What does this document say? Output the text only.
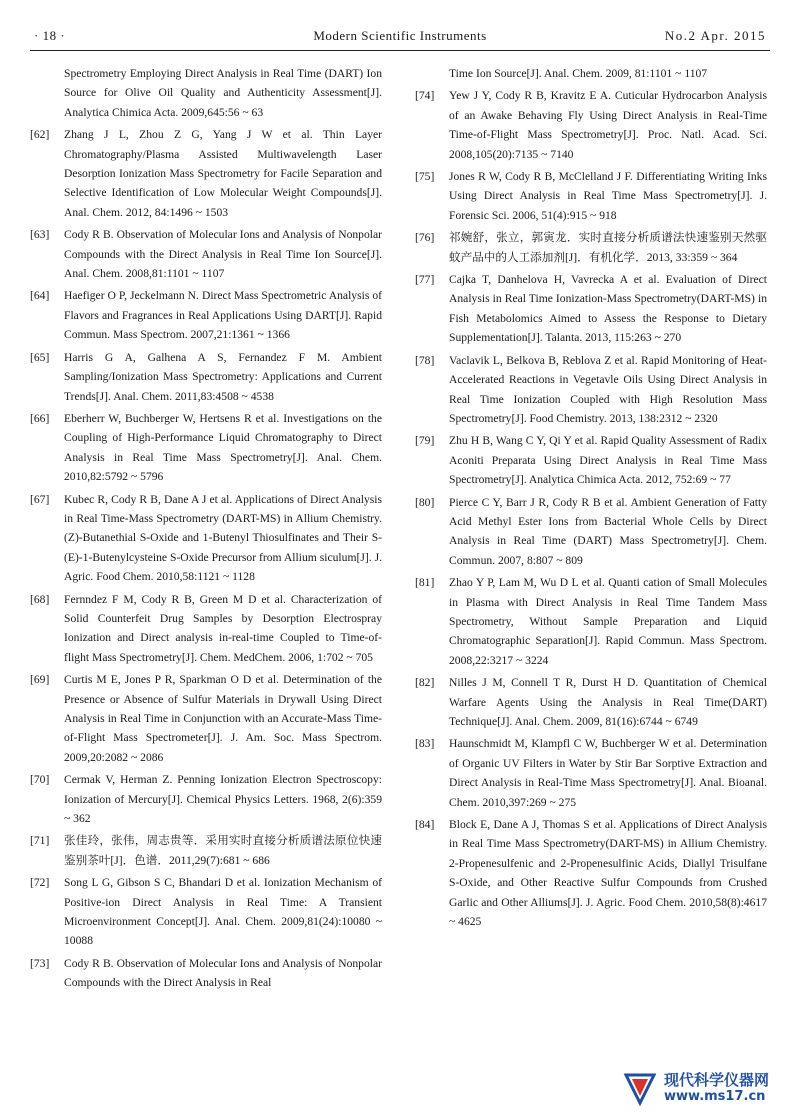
· 18 ·	Modern Scientific Instruments	No.2 Apr. 2015
Spectrometry Employing Direct Analysis in Real Time (DART) Ion Source for Olive Oil Quality and Authenticity Assessment[J]. Analytica Chimica Acta. 2009,645:56 ~ 63
[62] Zhang J L, Zhou Z G, Yang J W et al. Thin Layer Chromatography/Plasma Assisted Multiwavelength Laser Desorption Ionization Mass Spectrometry for Facile Separation and Selective Identification of Low Molecular Weight Compounds[J]. Anal. Chem. 2012, 84:1496 ~ 1503
[63] Cody R B. Observation of Molecular Ions and Analysis of Nonpolar Compounds with the Direct Analysis in Real Time Ion Source[J]. Anal. Chem. 2008,81:1101 ~ 1107
[64] Haefiger O P, Jeckelmann N. Direct Mass Spectrometric Analysis of Flavors and Fragrances in Real Applications Using DART[J]. Rapid Commun. Mass Spectrom. 2007,21:1361 ~ 1366
[65] Harris G A, Galhena A S, Fernandez F M. Ambient Sampling/Ionization Mass Spectrometry: Applications and Current Trends[J]. Anal. Chem. 2011,83:4508 ~ 4538
[66] Eberherr W, Buchberger W, Hertsens R et al. Investigations on the Coupling of High-Performance Liquid Chromatography to Direct Analysis in Real Time Mass Spectrometry[J]. Anal. Chem. 2010,82:5792 ~ 5796
[67] Kubec R, Cody R B, Dane A J et al. Applications of Direct Analysis in Real Time-Mass Spectrometry (DART-MS) in Allium Chemistry. (Z)-Butanethial S-Oxide and 1-Butenyl Thiosulfinates and Their S-(E)-1-Butenylcysteine S-Oxide Precursor from Allium siculum[J]. J. Agric. Food Chem. 2010,58:1121 ~ 1128
[68] Fernndez F M, Cody R B, Green M D et al. Characterization of Solid Counterfeit Drug Samples by Desorption Electrospray Ionization and Direct analysis in-real-time Coupled to Time-of-flight Mass Spectrometry[J]. Chem. MedChem. 2006, 1:702 ~ 705
[69] Curtis M E, Jones P R, Sparkman O D et al. Determination of the Presence or Absence of Sulfur Materials in Drywall Using Direct Analysis in Real Time in Conjunction with an Accurate-Mass Time-of-Flight Mass Spectrometer[J]. J. Am. Soc. Mass Spectrom. 2009,20:2082 ~ 2086
[70] Cermak V, Herman Z. Penning Ionization Electron Spectroscopy: Ionization of Mercury[J]. Chemical Physics Letters. 1968, 2(6):359 ~ 362
[71] 张佳玲，张伟，周志贵等．采用实时直接分析质谱法原位快速鉴别茶叶[J]．色谱．2011,29(7):681 ~ 686
[72] Song L G, Gibson S C, Bhandari D et al. Ionization Mechanism of Positive-ion Direct Analysis in Real Time: A Transient Microenvironment Concept[J]. Anal. Chem. 2009,81(24):10080 ~ 10088
[73] Cody R B. Observation of Molecular Ions and Analysis of Nonpolar Compounds with the Direct Analysis in Real
Time Ion Source[J]. Anal. Chem. 2009, 81:1101 ~ 1107
[74] Yew J Y, Cody R B, Kravitz E A. Cuticular Hydrocarbon Analysis of an Awake Behaving Fly Using Direct Analysis in Real-Time Time-of-Flight Mass Spectrometry[J]. Proc. Natl. Acad. Sci. 2008,105(20):7135 ~ 7140
[75] Jones R W, Cody R B, McClelland J F. Differentiating Writing Inks Using Direct Analysis in Real Time Mass Spectrometry[J]. J. Forensic Sci. 2006, 51(4):915 ~ 918
[76] 祁婉舒，张立，郭寅龙．实时直接分析质谱法快速鉴别天然驱蚊产品中的人工添加剂[J]．有机化学．2013, 33:359 ~ 364
[77] Cajka T, Danhelova H, Vavrecka A et al. Evaluation of Direct Analysis in Real Time Ionization-Mass Spectrometry(DART-MS) in Fish Metabolomics Aimed to Assess the Response to Dietary Supplementation[J]. Talanta. 2013, 115:263 ~ 270
[78] Vaclavik L, Belkova B, Reblova Z et al. Rapid Monitoring of Heat-Accelerated Reactions in Vegetavle Oils Using Direct Analysis in Real Time Ionization Coupled with High Resolution Mass Spectrometry[J]. Food Chemistry. 2013, 138:2312 ~ 2320
[79] Zhu H B, Wang C Y, Qi Y et al. Rapid Quality Assessment of Radix Aconiti Preparata Using Direct Analysis in Real Time Mass Spectrometry[J]. Analytica Chimica Acta. 2012, 752:69 ~ 77
[80] Pierce C Y, Barr J R, Cody R B et al. Ambient Generation of Fatty Acid Methyl Ester Ions from Bacterial Whole Cells by Direct Analysis in Real Time (DART) Mass Spectrometry[J]. Chem. Commun. 2007, 8:807 ~ 809
[81] Zhao Y P, Lam M, Wu D L et al. Quanti cation of Small Molecules in Plasma with Direct Analysis in Real Time Tandem Mass Spectrometry, Without Sample Preparation and Liquid Chromatographic Separation[J]. Rapid Commun. Mass Spectrom. 2008,22:3217 ~ 3224
[82] Nilles J M, Connell T R, Durst H D. Quantitation of Chemical Warfare Agents Using the Analysis in Real Time(DART) Technique[J]. Anal. Chem. 2009, 81(16):6744 ~ 6749
[83] Haunschmidt M, Klampfl C W, Buchberger W et al. Determination of Organic UV Filters in Water by Stir Bar Sorptive Extraction and Direct Analysis in Real-Time Mass Spectrometry[J]. Anal. Bioanal. Chem. 2010,397:269 ~ 275
[84] Block E, Dane A J, Thomas S et al. Applications of Direct Analysis in Real Time Mass Spectrometry(DART-MS) in Allium Chemistry. 2-Propenesulfenic and 2-Propenesulfinic Acids, Diallyl Trisulfane S-Oxide, and Other Reactive Sulfur Compounds from Crushed Garlic and Other Alliums[J]. J. Agric. Food Chem. 2010,58(8):4617 ~ 4625
现代科学仪器网
www.ms17.cn
